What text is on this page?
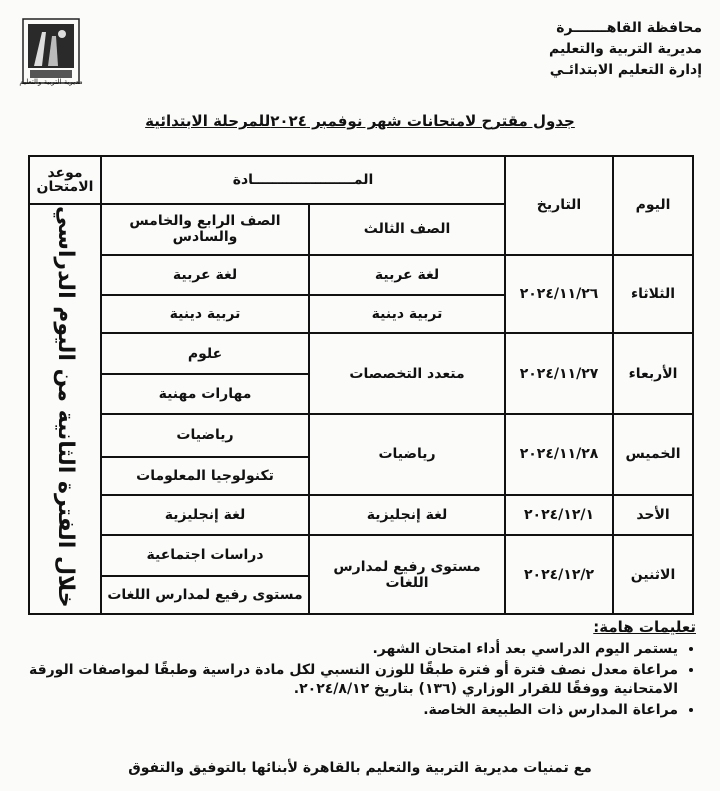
محافظة القاهـــــــرة
مديرية التربية والتعليم
إدارة التعليم الابتدائـي
مديرية التربية والتعليم
جدول مقترح لامتحانات شهر نوفمبر ٢٠٢٤للمرحلة الابتدائية
اليوم	التاريخ	المـــــــــــــــــــــادة		موعد الامتحان
		الصف الثالث	الصف الرابع والخامس والسادس	خلال الفترة الثانية من اليوم الدراسي
الثلاثاء	٢٠٢٤/١١/٢٦	لغة عربية	لغة عربية	
		تربية دينية	تربية دينية	
الأربعاء	٢٠٢٤/١١/٢٧	متعدد التخصصات	علوم	
			مهارات مهنية	
الخميس	٢٠٢٤/١١/٢٨	رياضيات	رياضيات	
			تكنولوجيا المعلومات	
الأحد	٢٠٢٤/١٢/١	لغة إنجليزية	لغة إنجليزية	
الاثنين	٢٠٢٤/١٢/٢	مستوى رفيع لمدارس اللغات	دراسات اجتماعية	
			مستوى رفيع لمدارس اللغات	
تعليمات هامة:
• يستمر اليوم الدراسي بعد أداء امتحان الشهر.
• مراعاة معدل نصف فترة أو فترة طبقًا للوزن النسبي لكل مادة دراسية وطبقًا لمواصفات الورقة الامتحانية ووفقًا للقرار الوزاري (١٣٦) بتاريخ ٢٠٢٤/٨/١٢.
• مراعاة المدارس ذات الطبيعة الخاصة.
مع تمنيات مديرية التربية والتعليم بالقاهرة لأبنائها بالتوفيق والتفوق
